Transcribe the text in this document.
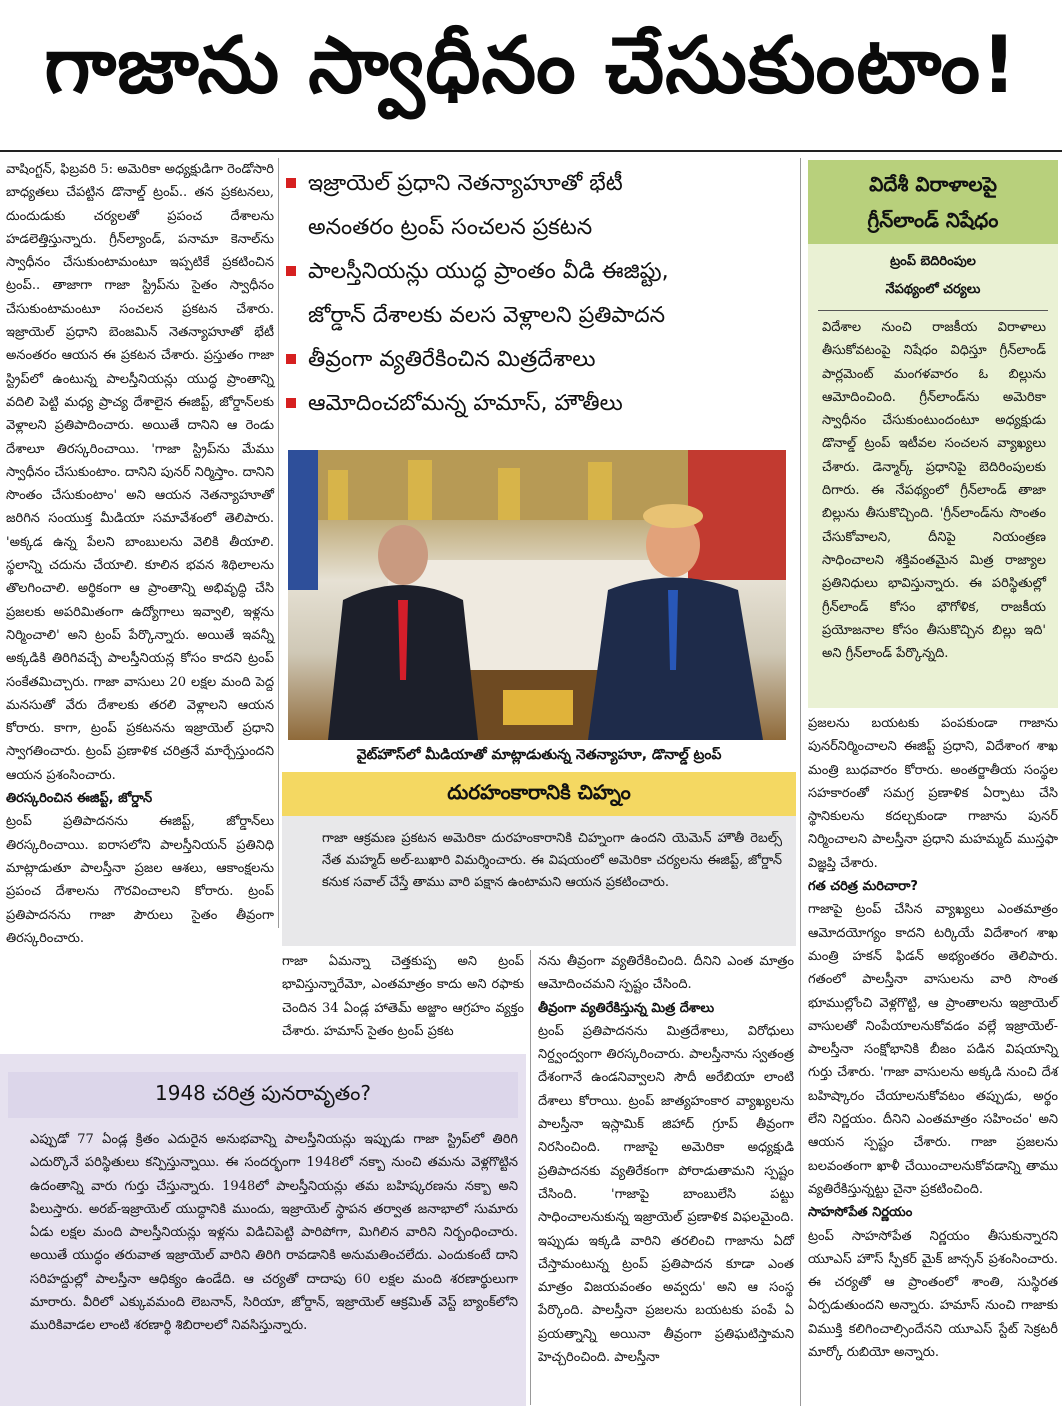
గాజాను స్వాధీనం చేసుకుంటాం!
వాషింగ్టన్‌, ఫిబ్రవరి 5: అమెరికా అధ్యక్షుడిగా రెండోసారి బాధ్యతలు చేపట్టిన డొనాల్డ్‌ ట్రంప్‌.. తన ప్రకటనలు, దుందుడుకు చర్యలతో ప్రపంచ దేశాలను హడలెత్తిస్తున్నారు. గ్రీన్‌ల్యాండ్‌, పనామా కెనాల్‌ను స్వాధీనం చేసుకుంటామంటూ ఇప్పటికే ప్రకటించిన ట్రంప్‌.. తాజాగా గాజా స్ట్రిప్‌ను సైతం స్వాధీనం చేసుకుంటామంటూ సంచలన ప్రకటన చేశారు. ఇజ్రాయెల్‌ ప్రధాని బెంజమిన్‌ నెతన్యాహూతో భేటీ అనంతరం ఆయన ఈ ప్రకటన చేశారు. ప్రస్తుతం గాజా స్ట్రిప్‌లో ఉంటున్న పాలస్తీనియన్లు యుద్ధ ప్రాంతాన్ని వదిలి పెట్టి మధ్య ప్రాచ్య దేశాలైన ఈజిప్ట్‌, జోర్డాన్‌లకు వెళ్లాలని ప్రతిపాదించారు. అయితే దానిని ఆ రెండు దేశాలూ తిరస్కరించాయి. 'గాజా స్ట్రిప్‌ను మేము స్వాధీనం చేసుకుంటాం. దానిని పునర్ నిర్మిస్తాం. దానిని సొంతం చేసుకుంటాం' అని ఆయన నెతన్యాహూతో జరిగిన సంయుక్త మీడియా సమావేశంలో తెలిపారు. 'అక్కడ ఉన్న పేలని బాంబులను వెలికి తీయాలి. స్థలాన్ని చదును చేయాలి. కూలిన భవన శిథిలాలను తొలగించాలి. అర్థికంగా ఆ ప్రాంతాన్ని అభివృద్ధి చేసి ప్రజలకు అపరిమితంగా ఉద్యోగాలు ఇవ్వాలి, ఇళ్లను నిర్మించాలి' అని ట్రంప్‌ పేర్కొన్నారు. అయితే ఇవన్నీ అక్కడికి తిరిగివచ్చే పాలస్తీనియన్ల కోసం కాదని ట్రంప్‌ సంకేతమిచ్చారు. గాజా వాసులు 20 లక్షల మంది పెద్ద మనసుతో వేరు దేశాలకు తరలి వెళ్లాలని ఆయన కోరారు. కాగా, ట్రంప్‌ ప్రకటనను ఇజ్రాయెల్‌ ప్రధాని స్వాగతించారు. ట్రంప్‌ ప్రణాళిక చరిత్రనే మార్చేస్తుందని ఆయన ప్రశంసించారు.
తిరస్కరించిన ఈజిప్ట్‌, జోర్డాన్‌
ట్రంప్‌ ప్రతిపాదనను ఈజిప్ట్‌, జోర్డాన్‌లు తిరస్కరించాయి. ఐరాసలోని పాలస్తీనియన్‌ ప్రతినిధి మాట్లాడుతూ పాలస్తీనా ప్రజల ఆశలు, ఆకాంక్షలను ప్రపంచ దేశాలను గౌరవించాలని కోరారు. ట్రంప్‌ ప్రతిపాదనను గాజా పౌరులు సైతం తీవ్రంగా తిరస్కరించారు.
ఇజ్రాయెల్‌ ప్రధాని నెతన్యాహూతో భేటీ
అనంతరం ట్రంప్‌ సంచలన ప్రకటన
పాలస్తీనియన్లు యుద్ధ ప్రాంతం వీడి ఈజిప్టు,
జోర్డాన్‌ దేశాలకు వలస వెళ్లాలని ప్రతిపాదన
తీవ్రంగా వ్యతిరేకించిన మిత్రదేశాలు
ఆమోదించబోమన్న హమాస్‌, హౌతీలు
వైట్‌హౌస్‌లో మీడియాతో మాట్లాడుతున్న నెతన్యాహూ, డొనాల్డ్‌ ట్రంప్‌
దురహంకారానికి చిహ్నం
గాజా ఆక్రమణ ప్రకటన అమెరికా దురహంకారానికి చిహ్నంగా ఉందని యెమెన్‌ హౌతీ రెబల్స్‌ నేత మహ్మద్‌ అల్‌-బుఖారి విమర్శించారు. ఈ విషయంలో అమెరికా చర్యలను ఈజిప్ట్‌, జోర్డాన్‌ కనుక సవాల్‌ చేస్తే తాము వారి పక్షాన ఉంటామని ఆయన ప్రకటించారు.
గాజా ఏమన్నా చెత్తకుప్ప అని ట్రంప్‌ భావిస్తున్నారేమో, ఎంతమాత్రం కాదు అని రఫాకు చెందిన 34 ఏండ్ల హాతెమ్‌ అజ్జాం ఆగ్రహం వ్యక్తం చేశారు. హమాస్‌ సైతం ట్రంప్‌ ప్రకట
నను తీవ్రంగా వ్యతిరేకించింది. దీనిని ఎంత మాత్రం ఆమోదించమని స్పష్టం చేసింది.
తీవ్రంగా వ్యతిరేకిస్తున్న మిత్ర దేశాలు
ట్రంప్‌ ప్రతిపాదనను మిత్రదేశాలు, విరోధులు నిర్ద్వంద్వంగా తిరస్కరించారు. పాలస్తీనాను స్వతంత్ర దేశంగానే ఉండనివ్వాలని సౌదీ అరేబియా లాంటి దేశాలు కోరాయి. ట్రంప్‌ జాత్యహంకార వ్యాఖ్యలను పాలస్తీనా ఇస్లామిక్‌ జిహాద్‌ గ్రూప్‌ తీవ్రంగా నిరసించింది. గాజాపై అమెరికా అధ్యక్షుడి ప్రతిపాదనకు వ్యతిరేకంగా పోరాడుతామని స్పష్టం చేసింది. 'గాజాపై బాంబులేసి పట్టు సాధించాలనుకున్న ఇజ్రాయెల్‌ ప్రణాళిక విఫలమైంది. ఇప్పుడు ఇక్కడి వారిని తరలించి గాజాను ఏదో చేస్తామంటున్న ట్రంప్‌ ప్రతిపాదన కూడా ఎంత మాత్రం విజయవంతం అవ్వదు' అని ఆ సంస్థ పేర్కొంది. పాలస్తీనా ప్రజలను బయటకు పంపే ఏ ప్రయత్నాన్ని అయినా తీవ్రంగా ప్రతిఘటిస్తామని హెచ్చరించింది. పాలస్తీనా
1948 చరిత్ర పునరావృతం?
ఎప్పుడో 77 ఏండ్ల క్రితం ఎదురైన అనుభవాన్ని పాలస్తీనియన్లు ఇప్పుడు గాజా స్ట్రిప్‌లో తిరిగి ఎదుర్కొనే పరిస్థితులు కన్పిస్తున్నాయి. ఈ సందర్భంగా 1948లో నక్బా నుంచి తమను వెళ్లగొట్టిన ఉదంతాన్ని వారు గుర్తు చేస్తున్నారు. 1948లో పాలస్తీనియన్లు తమ బహిష్కరణను నక్బా అని పిలుస్తారు. అరబ్‌-ఇజ్రాయెల్‌ యుద్ధానికి ముందు, ఇజ్రాయెల్‌ స్థాపన తర్వాత జనాభాలో సుమారు ఏడు లక్షల మంది పాలస్తీనియన్లు ఇళ్లను విడిచిపెట్టి పారిపోగా, మిగిలిన వారిని నిర్బంధించారు. అయితే యుద్ధం తరువాత ఇజ్రాయెల్‌ వారిని తిరిగి రావడానికి అనుమతించలేదు. ఎందుకంటే దాని సరిహద్దుల్లో పాలస్తీనా ఆధిక్యం ఉండేది. ఆ చర్యతో దాదాపు 60 లక్షల మంది శరణార్థులుగా మారారు. వీరిలో ఎక్కువమంది లెబనాన్‌, సిరియా, జోర్డాన్‌, ఇజ్రాయెల్‌ ఆక్రమిత్‌ వెస్ట్‌ బ్యాంక్‌లోని మురికివాడల లాంటి శరణార్థి శిబిరాలలో నివసిస్తున్నారు.
విదేశీ విరాళాలపై
గ్రీన్‌లాండ్‌ నిషేధం
ట్రంప్‌ బెదిరింపుల
నేపథ్యంలో చర్యలు
విదేశాల నుంచి రాజకీయ విరాళాలు తీసుకోవటంపై నిషేధం విధిస్తూ గ్రీన్‌లాండ్‌ పార్లమెంట్‌ మంగళవారం ఓ బిల్లును ఆమోదించింది. గ్రీన్‌లాండ్‌ను అమెరికా స్వాధీనం చేసుకుంటుందంటూ అధ్యక్షుడు డొనాల్డ్‌ ట్రంప్‌ ఇటీవల సంచలన వ్యాఖ్యలు చేశారు. డెన్మార్క్‌ ప్రధానిపై బెదిరింపులకు దిగారు. ఈ నేపథ్యంలో గ్రీన్‌లాండ్‌ తాజా బిల్లును తీసుకొచ్చింది. 'గ్రీన్‌లాండ్‌ను సొంతం చేసుకోవాలని, దీనిపై నియంత్రణ సాధించాలని శక్తివంతమైన మిత్ర రాజ్యాల ప్రతినిధులు భావిస్తున్నారు. ఈ పరిస్థితుల్లో గ్రీన్‌లాండ్‌ కోసం భౌగోళిక, రాజకీయ ప్రయోజనాల కోసం తీసుకొచ్చిన బిల్లు ఇది' అని గ్రీన్‌లాండ్‌ పేర్కొన్నది.
ప్రజలను బయటకు పంపకుండా గాజాను పునర్‌నిర్మించాలని ఈజిప్ట్‌ ప్రధాని, విదేశాంగ శాఖ మంత్రి బుధవారం కోరారు. అంతర్జాతీయ సంస్థల సహకారంతో సమగ్ర ప్రణాళిక ఏర్పాటు చేసి స్థానికులను కదల్చకుండా గాజాను పునర్‌ నిర్మించాలని పాలస్తీనా ప్రధాని మహమ్మద్‌ ముస్తఫా విజ్ఞప్తి చేశారు.
గత చరిత్ర మరిచారా?
గాజాపై ట్రంప్‌ చేసిన వ్యాఖ్యలు ఎంతమాత్రం ఆమోదయోగ్యం కాదని టర్కియే విదేశాంగ శాఖ మంత్రి హకన్‌ ఫిడన్‌ అభ్యంతరం తెలిపారు. గతంలో పాలస్తీనా వాసులను వారి సొంత భూముల్లోంచి వెళ్లగొట్టి, ఆ ప్రాంతాలను ఇజ్రాయెల్‌ వాసులతో నింపేయాలనుకోవడం వల్లే ఇజ్రాయెల్‌-పాలస్తీనా సంక్షోభానికి బీజం పడిన విషయాన్ని గుర్తు చేశారు. 'గాజా వాసులను అక్కడి నుంచి దేశ బహిష్కారం చేయాలనుకోవటం తప్పుడు, అర్థం లేని నిర్ణయం. దీనిని ఎంతమాత్రం సహించం' అని ఆయన స్పష్టం చేశారు. గాజా ప్రజలను బలవంతంగా ఖాళీ చేయించాలనుకోవడాన్ని తాము వ్యతిరేకిస్తున్నట్టు చైనా ప్రకటించింది.
సాహసోపేత నిర్ణయం
ట్రంప్‌ సాహసోపేత నిర్ణయం తీసుకున్నారని యూఎస్‌ హౌస్‌ స్పీకర్‌ మైక్‌ జాన్సన్‌ ప్రశంసించారు. ఈ చర్యతో ఆ ప్రాంతంలో శాంతి, సుస్థిరత ఏర్పడుతుందని అన్నారు. హమాస్‌ నుంచి గాజాకు విముక్తి కలిగించాల్సిందేనని యూఎస్‌ స్టేట్‌ సెక్రటరీ మార్కో రుబియో అన్నారు.
